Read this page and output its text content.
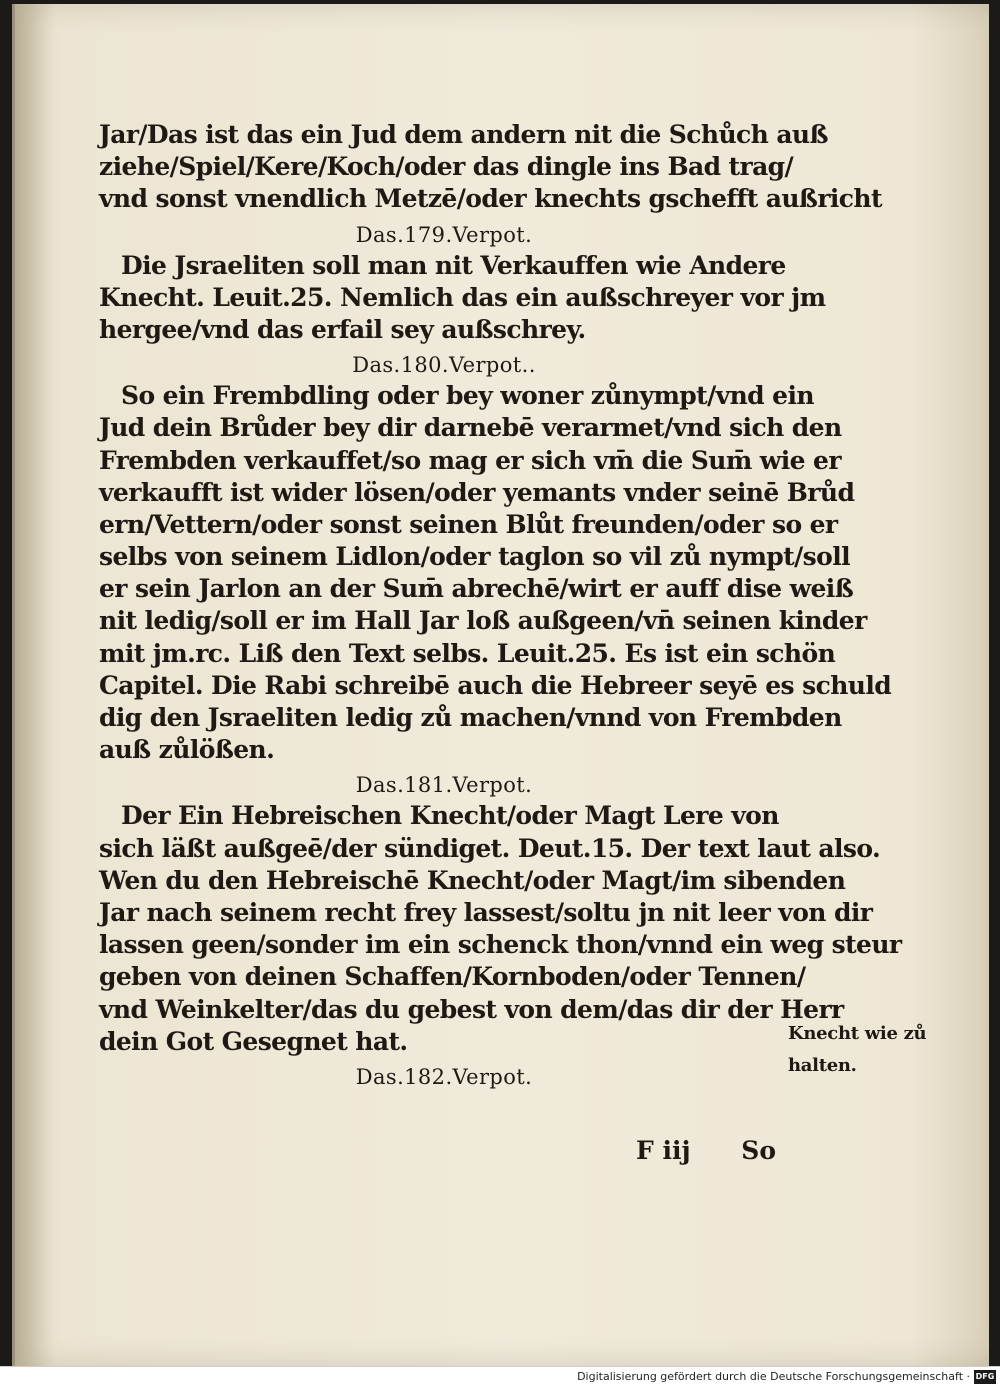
Jar/Das ist das ein Jud dem andern nit die Schůch auß
ziehe/Spiel/Kere/Koch/oder das dingle ins Bad trag/
vnd sonst vnendlich Metzē/oder knechts gschefft außricht
Das.179.Verpot.
Die Jsraeliten soll man nit Verkauffen wie Andere
Knecht. Leuit.25. Nemlich das ein außschreyer vor jm
hergee/vnd das erfail sey außschrey.
Das.180.Verpot..
So ein Frembdling oder bey woner zůnympt/vnd ein
Jud dein Brůder bey dir darnebē verarmet/vnd sich den
Frembden verkauffet/so mag er sich vm̄ die Sum̄ wie er
verkaufft ist wider lösen/oder yemants vnder seinē Brůd
ern/Vettern/oder sonst seinen Blůt freunden/oder so er
selbs von seinem Lidlon/oder taglon so vil zů nympt/soll
er sein Jarlon an der Sum̄ abrechē/wirt er auff dise weiß
nit ledig/soll er im Hall Jar loß außgeen/vn̄ seinen kinder
mit jm.rc. Liß den Text selbs. Leuit.25. Es ist ein schön
Capitel. Die Rabi schreibē auch die Hebreer seyē es schuld
dig den Jsraeliten ledig zů machen/vnnd von Frembden
auß zůlößen.
Das.181.Verpot.
Der Ein Hebreischen Knecht/oder Magt Lere von
sich läßt außgeē/der sündiget. Deut.15. Der text laut also.
Wen du den Hebreischē Knecht/oder Magt/im sibenden
Jar nach seinem recht frey lassest/soltu jn nit leer von dir
lassen geen/sonder im ein schenck thon/vnnd ein weg steur
geben von deinen Schaffen/Kornboden/oder Tennen/
vnd Weinkelter/das du gebest von dem/das dir der Herr
dein Got Gesegnet hat.
Das.182.Verpot.
Knecht wie zů
halten.
F iij So
Digitalisierung gefördert durch die Deutsche Forschungsgemeinschaft · DFG
